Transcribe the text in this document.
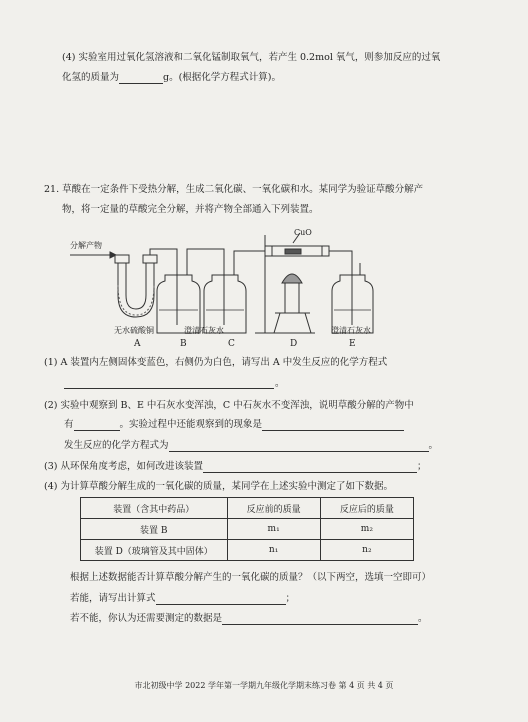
(4) 实验室用过氧化氢溶液和二氧化锰制取氧气，若产生 0.2mol 氧气，则参加反应的过氧
化氢的质量为	g。(根据化学方程式计算)。
21. 草酸在一定条件下受热分解，生成二氧化碳、一氧化碳和水。某同学为验证草酸分解产
物，将一定量的草酸完全分解，并将产物全部通入下列装置。
分解产物
CuO
无水硫酸铜	澄清石灰水	澄清石灰水
A	B	C	D	E
(1) A 装置内左侧固体变蓝色，右侧仍为白色，请写出 A 中发生反应的化学方程式
。
(2) 实验中观察到 B、E 中石灰水变浑浊，C 中石灰水不变浑浊，说明草酸分解的产物中
有	。实验过程中还能观察到的现象是
发生反应的化学方程式为	。
(3) 从环保角度考虑，如何改进该装置	；
(4) 为计算草酸分解生成的一氧化碳的质量，某同学在上述实验中测定了如下数据。
装置（含其中药品）	反应前的质量	反应后的质量
装置 B	m₁	m₂
装置 D（玻璃管及其中固体）	n₁	n₂
根据上述数据能否计算草酸分解产生的一氧化碳的质量？（以下两空，选填一空即可）
若能，请写出计算式	；
若不能，你认为还需要测定的数据是	。
市北初级中学 2022 学年第一学期九年级化学期末练习卷 第 4 页 共 4 页
